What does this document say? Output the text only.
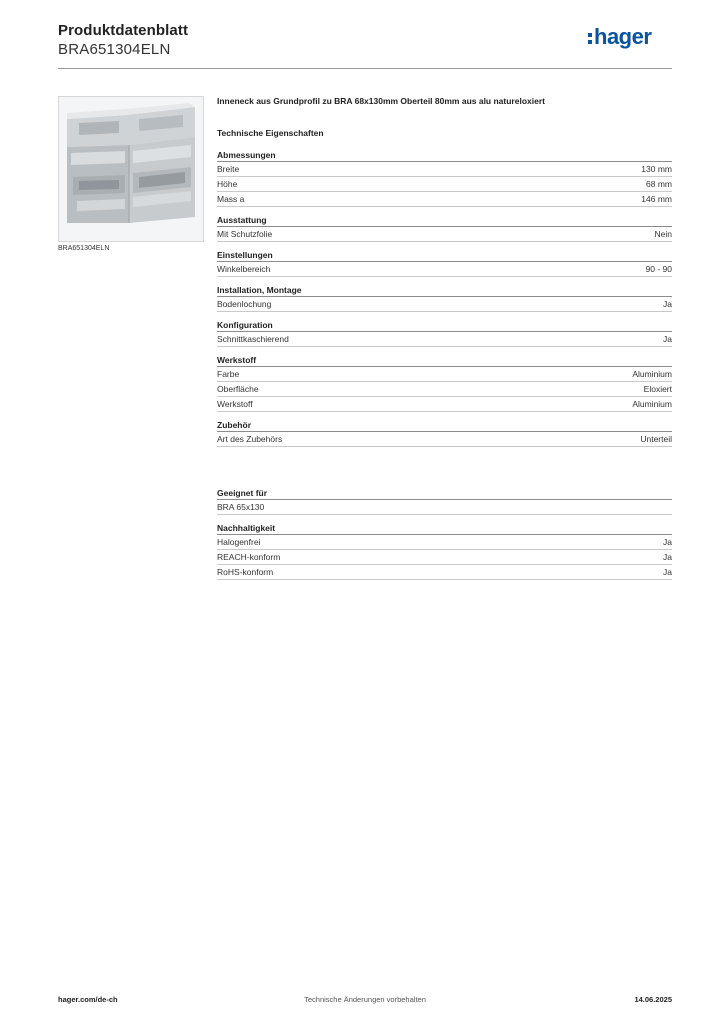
Produktdatenblatt
BRA651304ELN
hager
BRA651304ELN
Inneneck aus Grundprofil zu BRA 68x130mm Oberteil 80mm aus alu natureloxiert
Technische Eigenschaften
Abmessungen
Breite	130 mm
Höhe	68 mm
Mass a	146 mm
Ausstattung
Mit Schutzfolie	Nein
Einstellungen
Winkelbereich	90 - 90
Installation, Montage
Bodenlochung	Ja
Konfiguration
Schnittkaschierend	Ja
Werkstoff
Farbe	Aluminium
Oberfläche	Eloxiert
Werkstoff	Aluminium
Zubehör
Art des Zubehörs	Unterteil
Geeignet für
BRA 65x130
Nachhaltigkeit
Halogenfrei	Ja
REACH-konform	Ja
RoHS-konform	Ja
hager.com/de-ch	Technische Änderungen vorbehalten	14.06.2025
